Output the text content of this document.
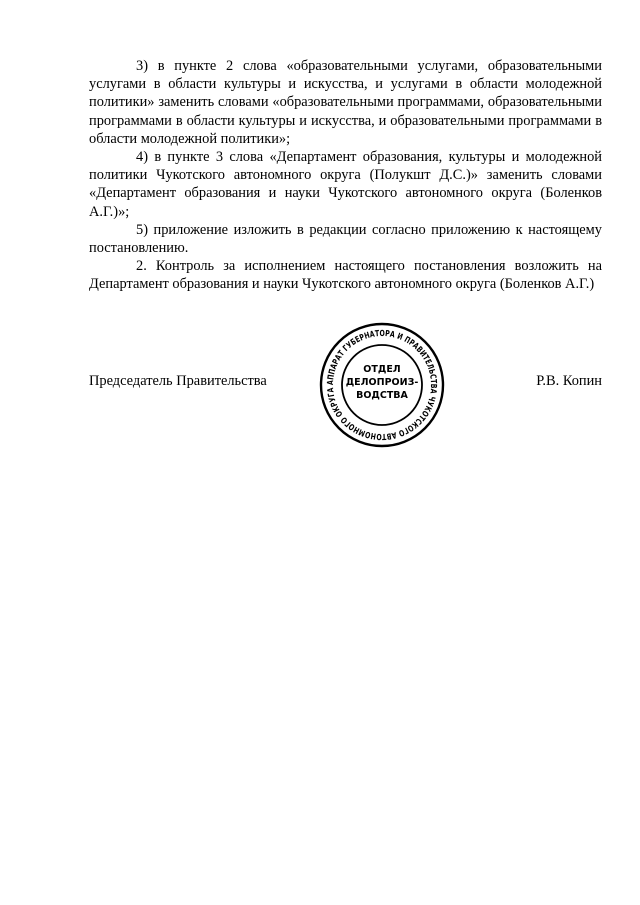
3) в пункте 2 слова «образовательными услугами, образовательными услугами в области культуры и искусства, и услугами в области молодежной политики» заменить словами «образовательными программами, образовательными программами в области культуры и искусства, и образовательными программами в области молодежной политики»;

4) в пункте 3 слова «Департамент образования, культуры и молодежной политики Чукотского автономного округа (Полукшт Д.С.)» заменить словами «Департамент образования и науки Чукотского автономного округа (Боленков А.Г.)»;

5) приложение изложить в редакции согласно приложению к настоящему постановлению.

2. Контроль за исполнением настоящего постановления возложить на Департамент образования и науки Чукотского автономного округа (Боленков А.Г.)

Председатель Правительства	Р.В. Копин
АППАРАТ ГУБЕРНАТОРА И ПРАВИТЕЛЬСТВА ЧУКОТСКОГО АВТОНОМНОГО ОКРУГА
ОТДЕЛ
ДЕЛОПРОИЗ-
ВОДСТВА
